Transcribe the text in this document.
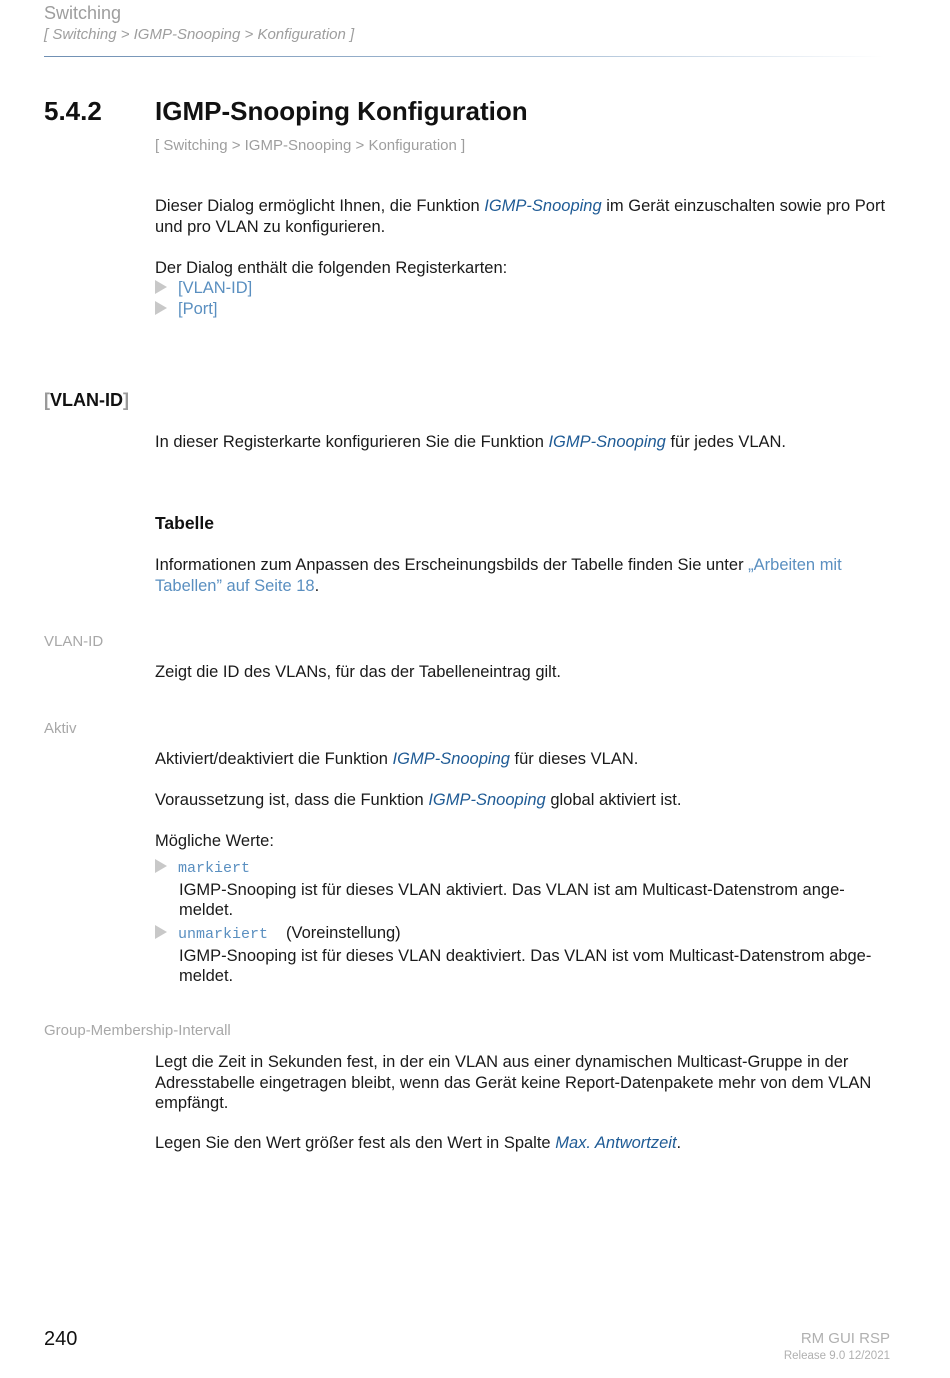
Switching
[ Switching > IGMP-Snooping > Konfiguration ]
5.4.2 IGMP-Snooping Konfiguration
[ Switching > IGMP-Snooping > Konfiguration ]
Dieser Dialog ermöglicht Ihnen, die Funktion IGMP-Snooping im Gerät einzuschalten sowie pro Port und pro VLAN zu konfigurieren.
Der Dialog enthält die folgenden Registerkarten:
[VLAN-ID]
[Port]
[VLAN-ID]
In dieser Registerkarte konfigurieren Sie die Funktion IGMP-Snooping für jedes VLAN.
Tabelle
Informationen zum Anpassen des Erscheinungsbilds der Tabelle finden Sie unter „Arbeiten mit Tabellen” auf Seite 18.
VLAN-ID
Zeigt die ID des VLANs, für das der Tabelleneintrag gilt.
Aktiv
Aktiviert/deaktiviert die Funktion IGMP-Snooping für dieses VLAN.
Voraussetzung ist, dass die Funktion IGMP-Snooping global aktiviert ist.
Mögliche Werte:
markiert
IGMP-Snooping ist für dieses VLAN aktiviert. Das VLAN ist am Multicast-Datenstrom ange-meldet.
unmarkiert (Voreinstellung)
IGMP-Snooping ist für dieses VLAN deaktiviert. Das VLAN ist vom Multicast-Datenstrom abge-meldet.
Group-Membership-Intervall
Legt die Zeit in Sekunden fest, in der ein VLAN aus einer dynamischen Multicast-Gruppe in der Adresstabelle eingetragen bleibt, wenn das Gerät keine Report-Datenpakete mehr von dem VLAN empfängt.
Legen Sie den Wert größer fest als den Wert in Spalte Max. Antwortzeit.
240	RM GUI RSP
Release 9.0 12/2021
